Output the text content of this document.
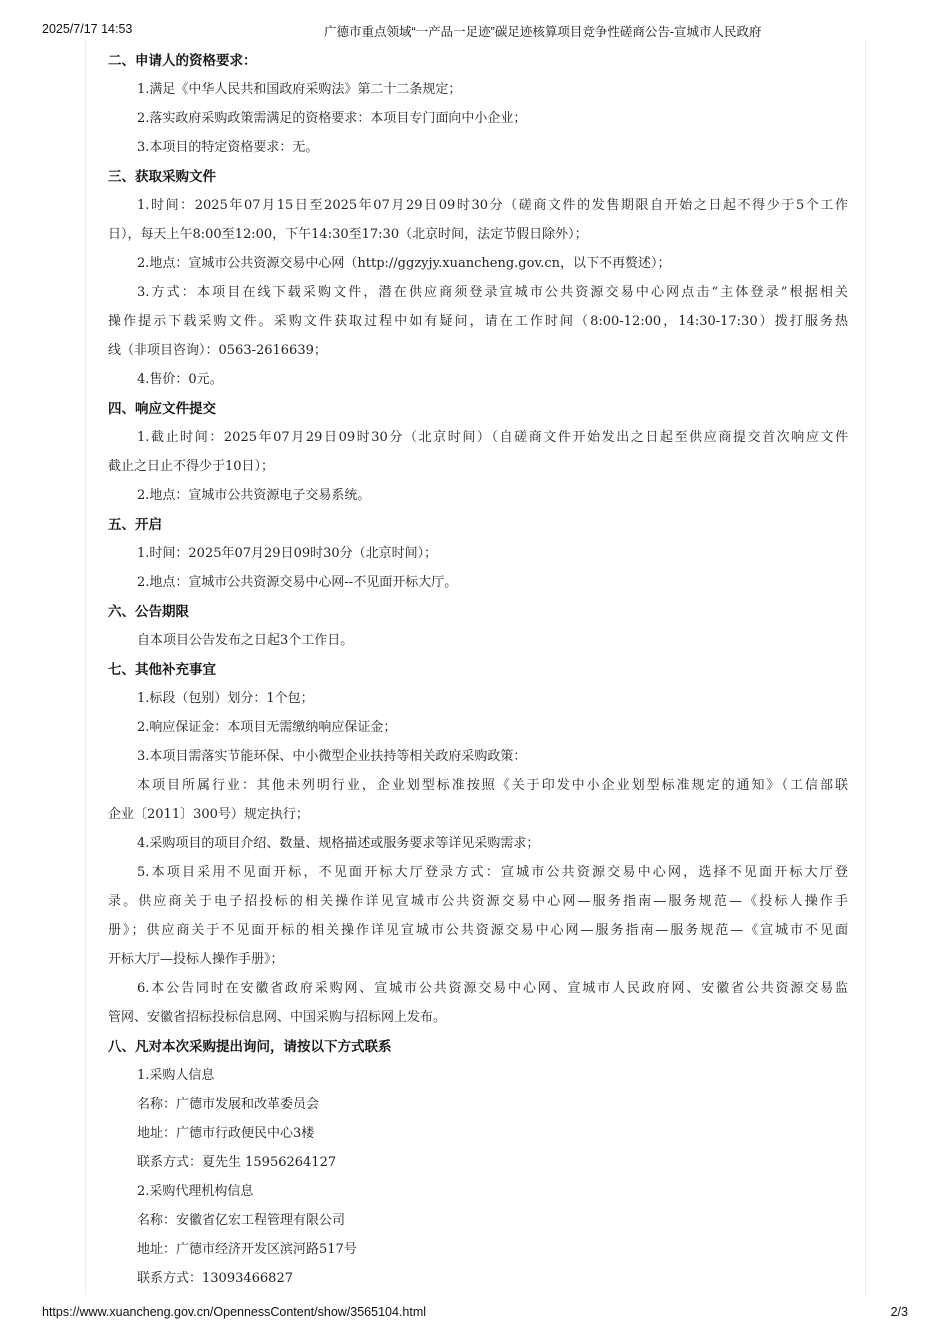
2025/7/17 14:53	广德市重点领域“一产品一足迹”碳足迹核算项目竞争性磋商公告-宣城市人民政府
二、申请人的资格要求：
1.满足《中华人民共和国政府采购法》第二十二条规定；
2.落实政府采购政策需满足的资格要求：本项目专门面向中小企业；
3.本项目的特定资格要求：无。
三、获取采购文件
1.时间：2025年07月15日至2025年07月29日09时30分（磋商文件的发售期限自开始之日起不得少于5个工作
日），每天上午8:00至12:00，下午14:30至17:30（北京时间，法定节假日除外）；
2.地点：宣城市公共资源交易中心网（http://ggzyjy.xuancheng.gov.cn，以下不再赘述）；
3.方式：本项目在线下载采购文件，潜在供应商须登录宣城市公共资源交易中心网点击“主体登录”根据相关
操作提示下载采购文件。采购文件获取过程中如有疑问，请在工作时间（8:00-12:00，14:30-17:30）拨打服务热
线（非项目咨询）：0563-2616639；
4.售价：0元。
四、响应文件提交
1.截止时间：2025年07月29日09时30分（北京时间）（自磋商文件开始发出之日起至供应商提交首次响应文件
截止之日止不得少于10日）；
2.地点：宣城市公共资源电子交易系统。
五、开启
1.时间：2025年07月29日09时30分（北京时间）；
2.地点：宣城市公共资源交易中心网--不见面开标大厅。
六、公告期限
自本项目公告发布之日起3个工作日。
七、其他补充事宜
1.标段（包别）划分：1个包；
2.响应保证金：本项目无需缴纳响应保证金；
3.本项目需落实节能环保、中小微型企业扶持等相关政府采购政策：
本项目所属行业：其他未列明行业，企业划型标准按照《关于印发中小企业划型标准规定的通知》（工信部联
企业〔2011〕300号）规定执行；
4.采购项目的项目介绍、数量、规格描述或服务要求等详见采购需求；
5.本项目采用不见面开标，不见面开标大厅登录方式：宣城市公共资源交易中心网，选择不见面开标大厅登
录。供应商关于电子招投标的相关操作详见宣城市公共资源交易中心网—服务指南—服务规范—《投标人操作手
册》；供应商关于不见面开标的相关操作详见宣城市公共资源交易中心网—服务指南—服务规范—《宣城市不见面
开标大厅—投标人操作手册》；
6.本公告同时在安徽省政府采购网、宣城市公共资源交易中心网、宣城市人民政府网、安徽省公共资源交易监
管网、安徽省招标投标信息网、中国采购与招标网上发布。
八、凡对本次采购提出询问，请按以下方式联系
1.采购人信息
名称：广德市发展和改革委员会
地址：广德市行政便民中心3楼
联系方式：夏先生 15956264127
2.采购代理机构信息
名称：安徽省亿宏工程管理有限公司
地址：广德市经济开发区滨河路517号
联系方式：13093466827
https://www.xuancheng.gov.cn/OpennessContent/show/3565104.html	2/3
